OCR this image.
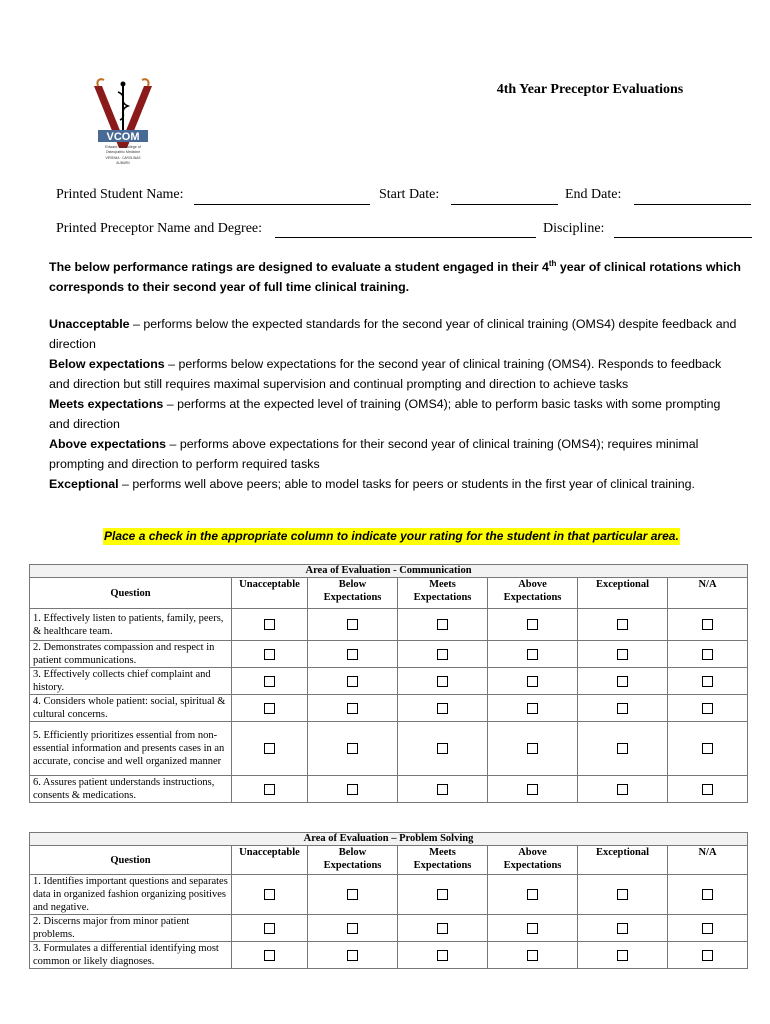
VCOM
Edward Via College of
Osteopathic Medicine
VIRGINIA · CAROLINAS
AUBURN
4th Year Preceptor Evaluations
Printed Student Name:	Start Date:	End Date:
Printed Preceptor Name and Degree:	Discipline:
The below performance ratings are designed to evaluate a student engaged in their 4th year of clinical rotations which
corresponds to their second year of full time clinical training.
Unacceptable – performs below the expected standards for the second year of clinical training (OMS4) despite feedback and direction
Below expectations – performs below expectations for the second year of clinical training (OMS4). Responds to feedback and direction but still requires maximal supervision and continual prompting and direction to achieve tasks
Meets expectations – performs at the expected level of training (OMS4); able to perform basic tasks with some prompting and direction
Above expectations – performs above expectations for their second year of clinical training (OMS4); requires minimal prompting and direction to perform required tasks
Exceptional – performs well above peers; able to model tasks for peers or students in the first year of clinical training.
Place a check in the appropriate column to indicate your rating for the student in that particular area.
Area of Evaluation - Communication						
Question	Unacceptable	Below Expectations	Meets Expectations	Above Expectations	Exceptional	N/A
1. Effectively listen to patients, family, peers, & healthcare team.						
2. Demonstrates compassion and respect in patient communications.						
3. Effectively collects chief complaint and history.						
4. Considers whole patient: social, spiritual & cultural concerns.						
5. Efficiently prioritizes essential from non-essential information and presents cases in an accurate, concise and well organized manner						
6. Assures patient understands instructions, consents & medications.						
Area of Evaluation – Problem Solving						
Question	Unacceptable	Below Expectations	Meets Expectations	Above Expectations	Exceptional	N/A
1. Identifies important questions and separates data in organized fashion organizing positives and negative.						
2. Discerns major from minor patient problems.						
3. Formulates a differential identifying most common or likely diagnoses.						
